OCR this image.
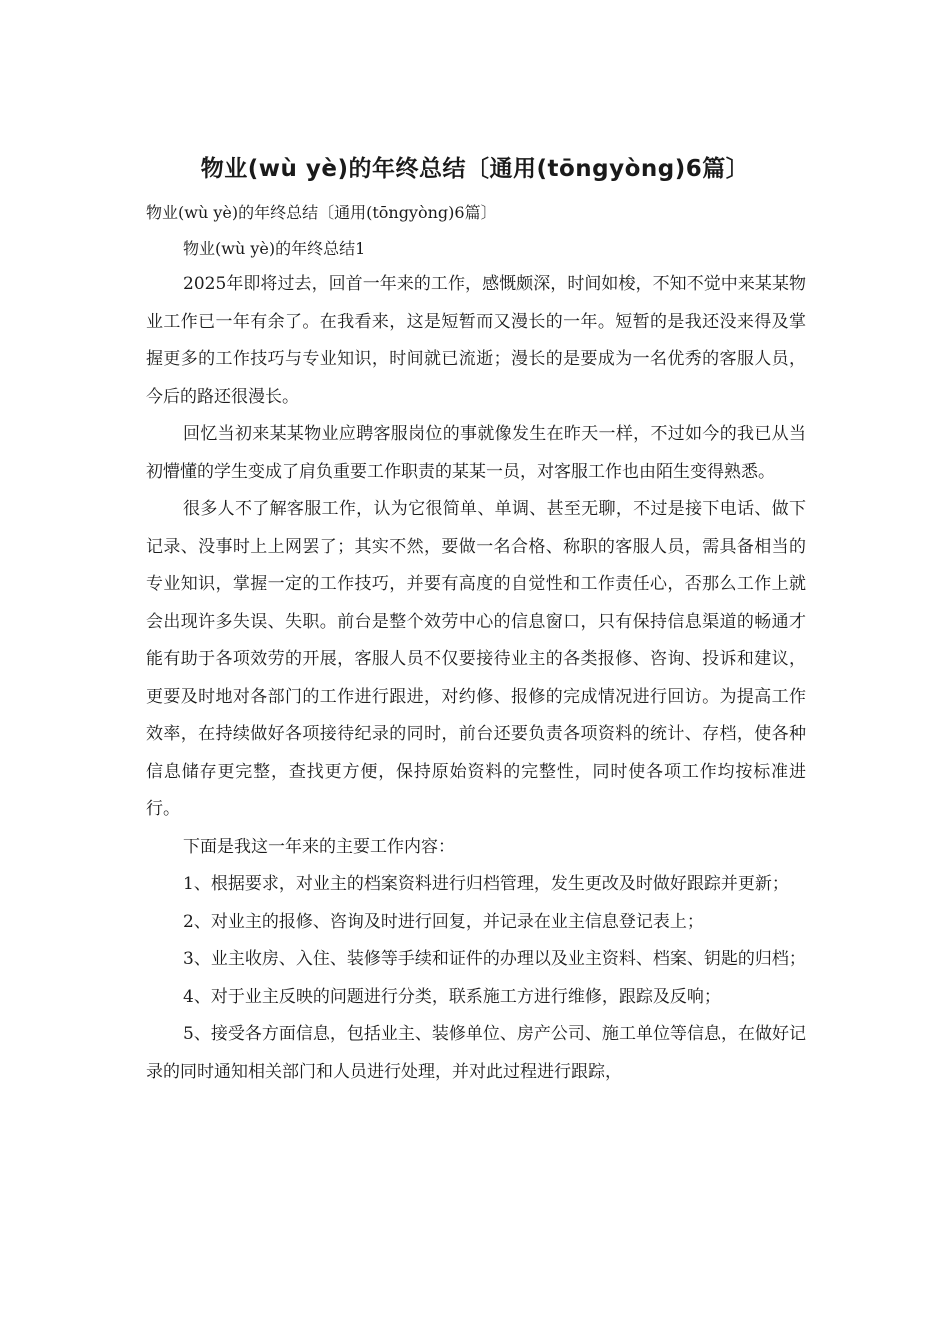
物业(wù yè)的年终总结〔通用(tōngyòng)6篇〕

物业(wù yè)的年终总结〔通用(tōngyòng)6篇〕

物业(wù yè)的年终总结1

2025年即将过去，回首一年来的工作，感慨颇深，时间如梭，不知不觉中来某某物业工作已一年有余了。在我看来，这是短暂而又漫长的一年。短暂的是我还没来得及掌握更多的工作技巧与专业知识，时间就已流逝；漫长的是要成为一名优秀的客服人员，今后的路还很漫长。

回忆当初来某某物业应聘客服岗位的事就像发生在昨天一样，不过如今的我已从当初懵懂的学生变成了肩负重要工作职责的某某一员，对客服工作也由陌生变得熟悉。

很多人不了解客服工作，认为它很简单、单调、甚至无聊，不过是接下电话、做下记录、没事时上上网罢了；其实不然，要做一名合格、称职的客服人员，需具备相当的专业知识，掌握一定的工作技巧，并要有高度的自觉性和工作责任心，否那么工作上就会出现许多失误、失职。前台是整个效劳中心的信息窗口，只有保持信息渠道的畅通才能有助于各项效劳的开展，客服人员不仅要接待业主的各类报修、咨询、投诉和建议，更要及时地对各部门的工作进行跟进，对约修、报修的完成情况进行回访。为提高工作效率，在持续做好各项接待纪录的同时，前台还要负责各项资料的统计、存档，使各种信息储存更完整，查找更方便，保持原始资料的完整性，同时使各项工作均按标准进行。

下面是我这一年来的主要工作内容：

1、根据要求，对业主的档案资料进行归档管理，发生更改及时做好跟踪并更新；

2、对业主的报修、咨询及时进行回复，并记录在业主信息登记表上；

3、业主收房、入住、装修等手续和证件的办理以及业主资料、档案、钥匙的归档；

4、对于业主反映的问题进行分类，联系施工方进行维修，跟踪及反响；

5、接受各方面信息，包括业主、装修单位、房产公司、施工单位等信息，在做好记录的同时通知相关部门和人员进行处理，并对此过程进行跟踪，
